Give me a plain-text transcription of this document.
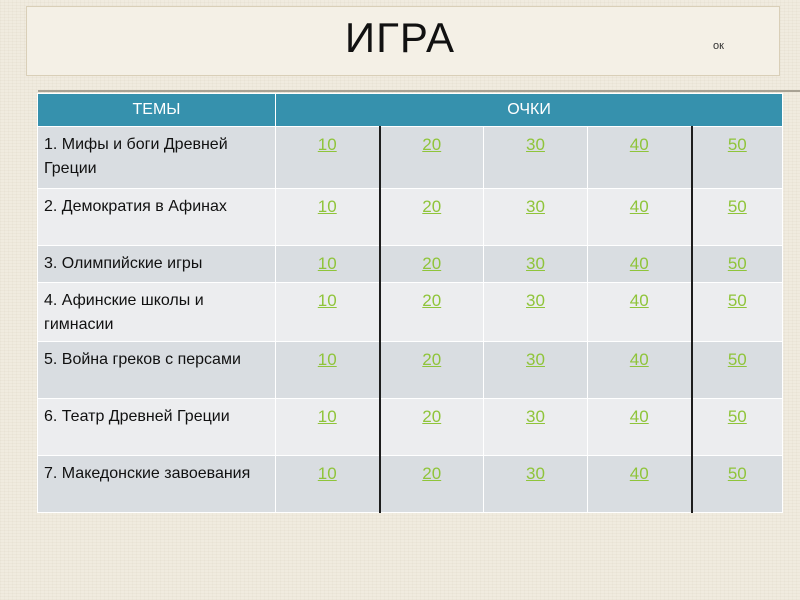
ИГРА	ок
ТЕМЫ	ОЧКИ				
1. Мифы и боги Древней Греции	10	20	30	40	50
2. Демократия в Афинах	10	20	30	40	50
3. Олимпийские игры	10	20	30	40	50
4. Афинские школы и гимнасии	10	20	30	40	50
5. Война греков с персами	10	20	30	40	50
6. Театр Древней Греции	10	20	30	40	50
7. Македонские завоевания	10	20	30	40	50
